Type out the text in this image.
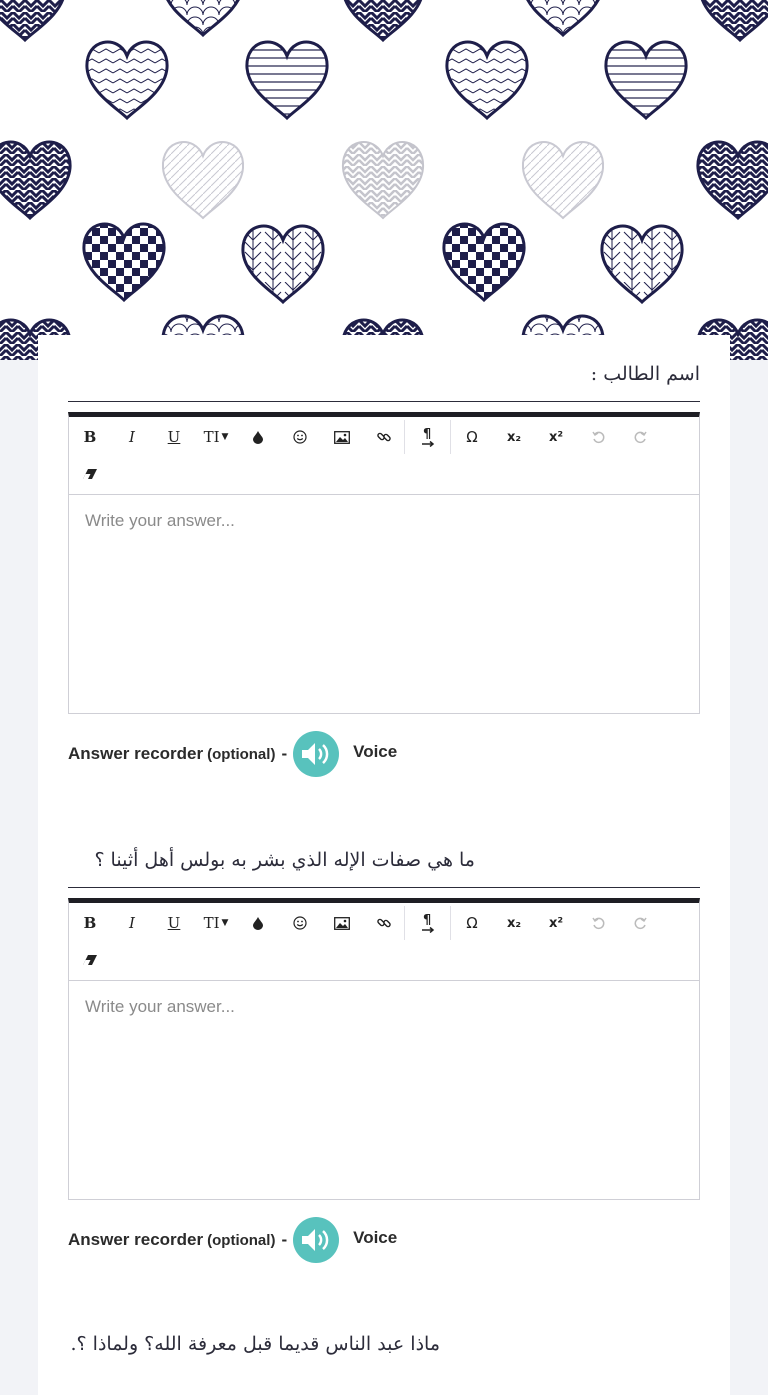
اسم الطالب :
B	I	U	TI ▼	¶	Ω	x₂	x²
Write your answer...
Answer recorder (optional) -	Voice
ما هي صفات الإله الذي بشر به بولس أهل أثينا ؟
B	I	U	TI ▼	¶	Ω	x₂	x²
Write your answer...
Answer recorder (optional) -	Voice
ماذا عبد الناس قديما قبل معرفة الله؟ ولماذا ؟.
